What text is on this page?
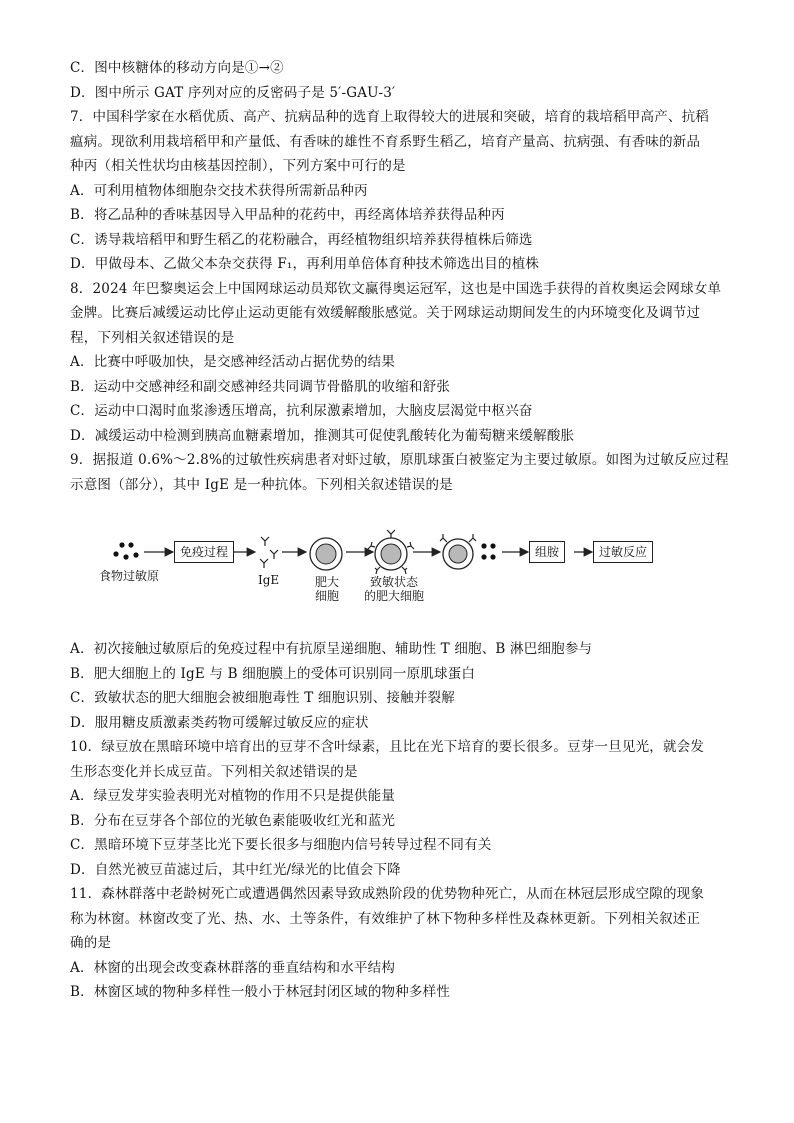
C．图中核糖体的移动方向是①→②

D．图中所示 GAT 序列对应的反密码子是 5′-GAU-3′

7．中国科学家在水稻优质、高产、抗病品种的选育上取得较大的进展和突破，培育的栽培稻甲高产、抗稻

瘟病。现欲利用栽培稻甲和产量低、有香味的雄性不育系野生稻乙，培育产量高、抗病强、有香味的新品

种丙（相关性状均由核基因控制），下列方案中可行的是

A．可利用植物体细胞杂交技术获得所需新品种丙

B．将乙品种的香味基因导入甲品种的花药中，再经离体培养获得品种丙

C．诱导栽培稻甲和野生稻乙的花粉融合，再经植物组织培养获得植株后筛选

D．甲做母本、乙做父本杂交获得 F₁，再利用单倍体育种技术筛选出目的植株

8．2024 年巴黎奥运会上中国网球运动员郑钦文赢得奥运冠军，这也是中国选手获得的首枚奥运会网球女单

金牌。比赛后减缓运动比停止运动更能有效缓解酸胀感觉。关于网球运动期间发生的内环境变化及调节过

程，下列相关叙述错误的是

A．比赛中呼吸加快，是交感神经活动占据优势的结果

B．运动中交感神经和副交感神经共同调节骨骼肌的收缩和舒张

C．运动中口渴时血浆渗透压增高，抗利尿激素增加，大脑皮层渴觉中枢兴奋

D．减缓运动中检测到胰高血糖素增加，推测其可促使乳酸转化为葡萄糖来缓解酸胀

9．据报道 0.6%～2.8%的过敏性疾病患者对虾过敏，原肌球蛋白被鉴定为主要过敏原。如图为过敏反应过程

示意图（部分），其中 IgE 是一种抗体。下列相关叙述错误的是

免疫过程
食物过敏原	IgE	肥大
细胞
致敏状态
的肥大细胞
组胺	过敏反应

A．初次接触过敏原后的免疫过程中有抗原呈递细胞、辅助性 T 细胞、B 淋巴细胞参与

B．肥大细胞上的 IgE 与 B 细胞膜上的受体可识别同一原肌球蛋白

C．致敏状态的肥大细胞会被细胞毒性 T 细胞识别、接触并裂解

D．服用糖皮质激素类药物可缓解过敏反应的症状

10．绿豆放在黑暗环境中培育出的豆芽不含叶绿素，且比在光下培育的要长很多。豆芽一旦见光，就会发

生形态变化并长成豆苗。下列相关叙述错误的是

A．绿豆发芽实验表明光对植物的作用不只是提供能量

B．分布在豆芽各个部位的光敏色素能吸收红光和蓝光

C．黑暗环境下豆芽茎比光下要长很多与细胞内信号转导过程不同有关

D．自然光被豆苗滤过后，其中红光/绿光的比值会下降

11．森林群落中老龄树死亡或遭遇偶然因素导致成熟阶段的优势物种死亡，从而在林冠层形成空隙的现象

称为林窗。林窗改变了光、热、水、土等条件，有效维护了林下物种多样性及森林更新。下列相关叙述正

确的是

A．林窗的出现会改变森林群落的垂直结构和水平结构

B．林窗区域的物种多样性一般小于林冠封闭区域的物种多样性
